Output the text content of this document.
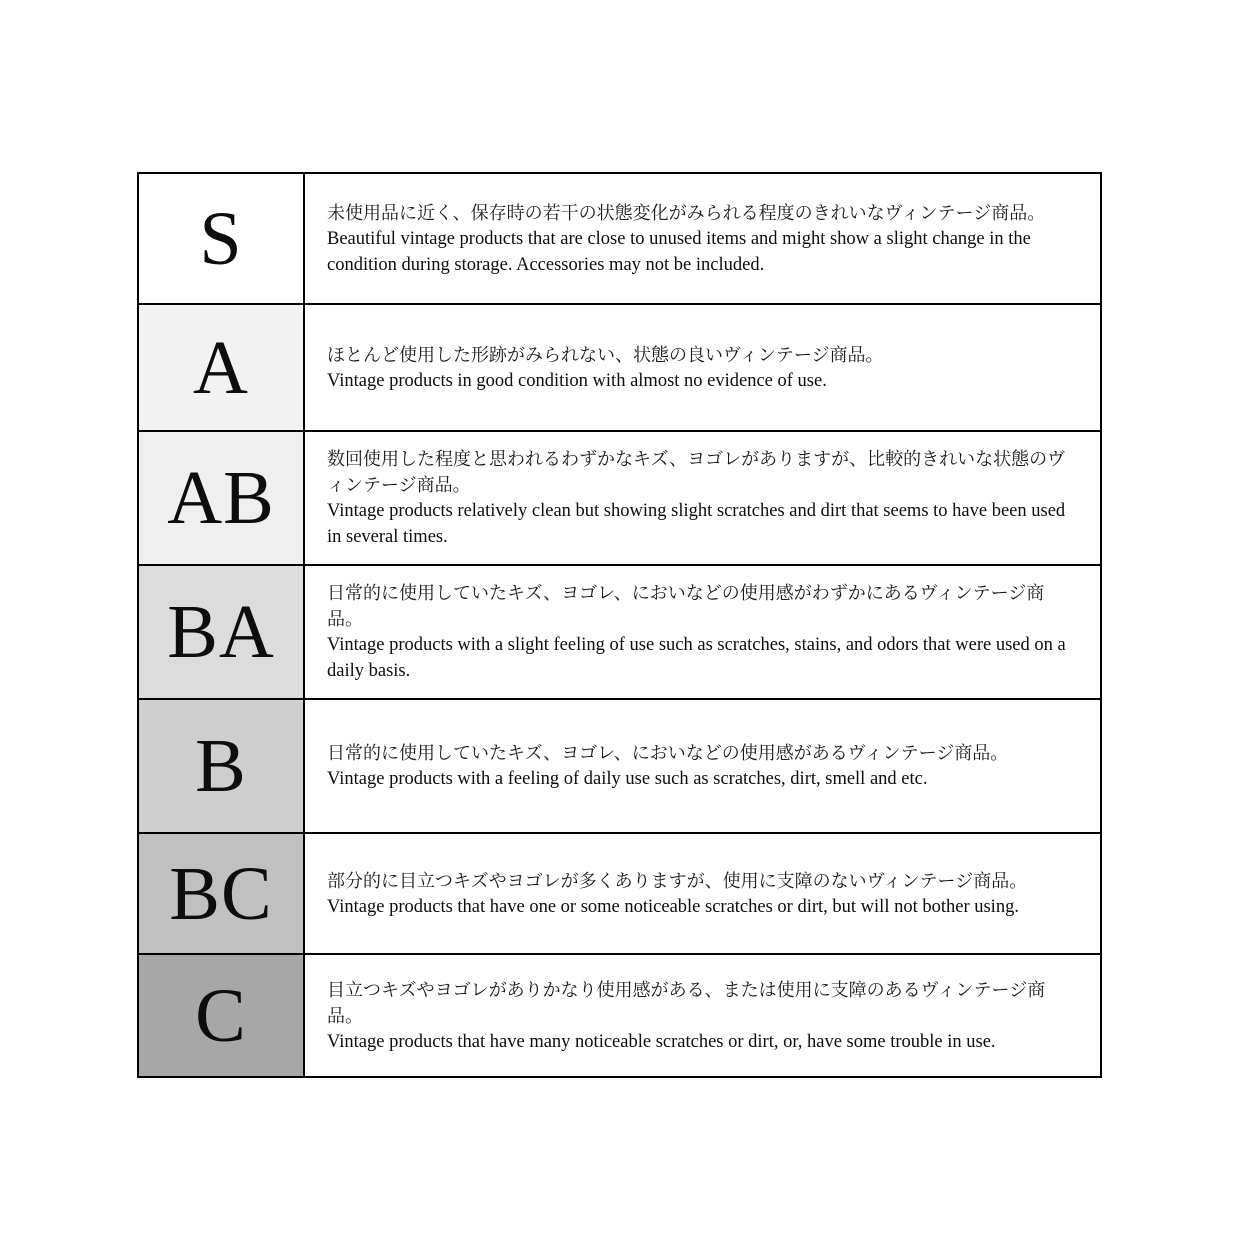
S	未使用品に近く、保存時の若干の状態変化がみられる程度のきれいなヴィンテージ商品。
Beautiful vintage products that are close to unused items and might show a slight change in the condition during storage. Accessories may not be included.

A	ほとんど使用した形跡がみられない、状態の良いヴィンテージ商品。
Vintage products in good condition with almost no evidence of use.

AB	数回使用した程度と思われるわずかなキズ、ヨゴレがありますが、比較的きれいな状態のヴィンテージ商品。
Vintage products relatively clean but showing slight scratches and dirt that seems to have been used in several times.

BA	日常的に使用していたキズ、ヨゴレ、においなどの使用感がわずかにあるヴィンテージ商品。
Vintage products with a slight feeling of use such as scratches, stains, and odors that were used on a daily basis.

B	日常的に使用していたキズ、ヨゴレ、においなどの使用感があるヴィンテージ商品。
Vintage products with a feeling of daily use such as scratches, dirt, smell and etc.

BC	部分的に目立つキズやヨゴレが多くありますが、使用に支障のないヴィンテージ商品。
Vintage products that have one or some noticeable scratches or dirt, but will not bother using.

C	目立つキズやヨゴレがありかなり使用感がある、または使用に支障のあるヴィンテージ商品。
Vintage products that have many noticeable scratches or dirt, or, have some trouble in use.
